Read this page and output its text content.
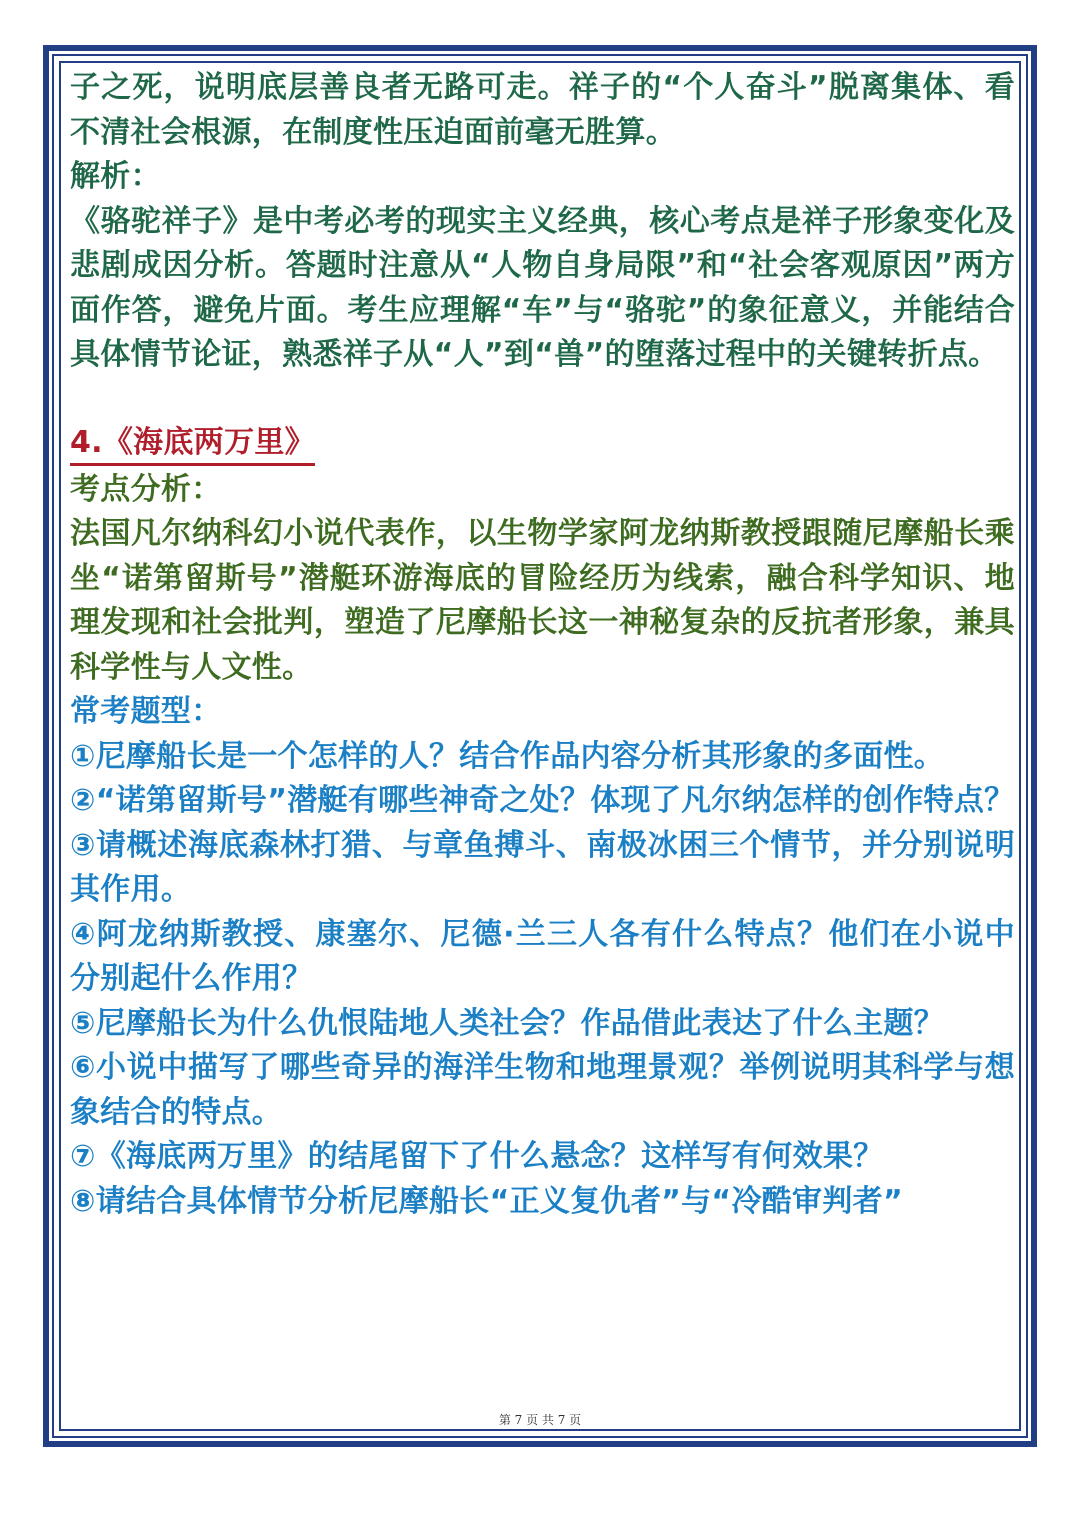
子之死，说明底层善良者无路可走。祥子的“个人奋斗”脱离集体、看不清社会根源，在制度性压迫面前毫无胜算。

解析：

《骆驼祥子》是中考必考的现实主义经典，核心考点是祥子形象变化及悲剧成因分析。答题时注意从“人物自身局限”和“社会客观原因”两方面作答，避免片面。考生应理解“车”与“骆驼”的象征意义，并能结合具体情节论证，熟悉祥子从“人”到“兽”的堕落过程中的关键转折点。

4.《海底两万里》

考点分析：

法国凡尔纳科幻小说代表作，以生物学家阿龙纳斯教授跟随尼摩船长乘坐“诺第留斯号”潜艇环游海底的冒险经历为线索，融合科学知识、地理发现和社会批判，塑造了尼摩船长这一神秘复杂的反抗者形象，兼具科学性与人文性。

常考题型：

①尼摩船长是一个怎样的人？结合作品内容分析其形象的多面性。

②“诺第留斯号”潜艇有哪些神奇之处？体现了凡尔纳怎样的创作特点？

③请概述海底森林打猎、与章鱼搏斗、南极冰困三个情节，并分别说明其作用。

④阿龙纳斯教授、康塞尔、尼德·兰三人各有什么特点？他们在小说中分别起什么作用？

⑤尼摩船长为什么仇恨陆地人类社会？作品借此表达了什么主题？

⑥小说中描写了哪些奇异的海洋生物和地理景观？举例说明其科学与想象结合的特点。

⑦《海底两万里》的结尾留下了什么悬念？这样写有何效果？

⑧请结合具体情节分析尼摩船长“正义复仇者”与“冷酷审判者”

第 7 页 共 7 页
